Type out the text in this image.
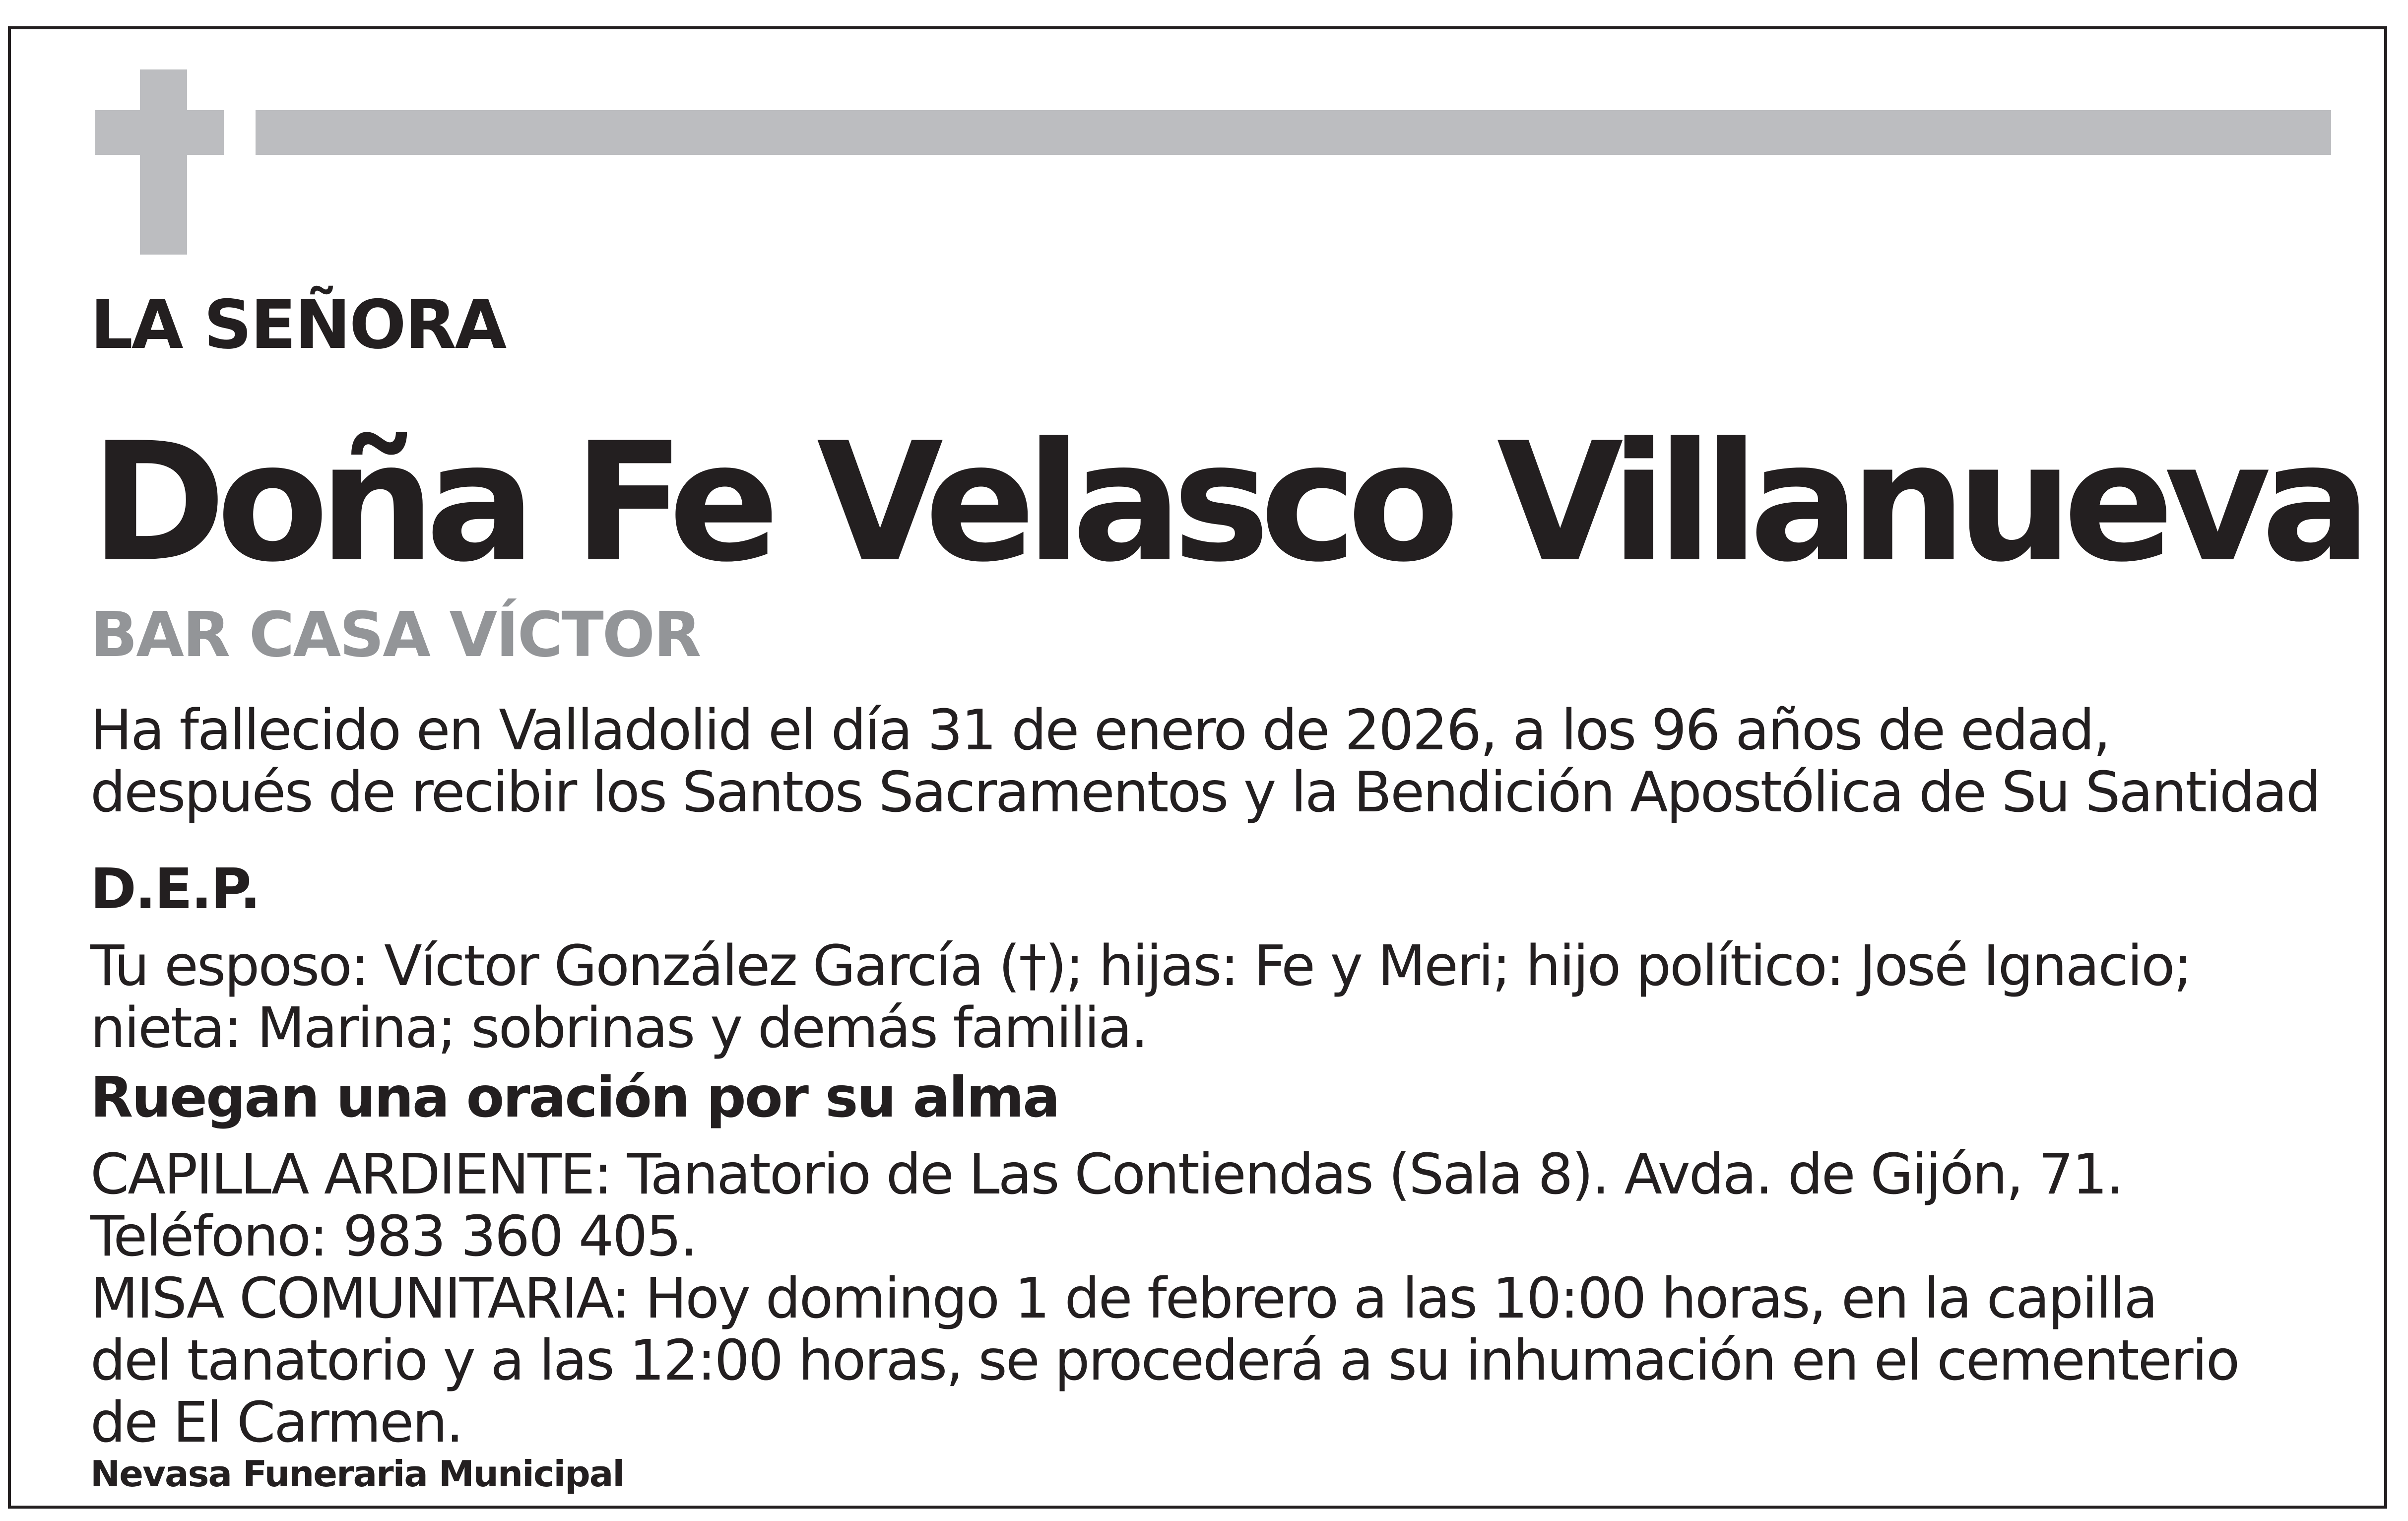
LA SEÑORA
Doña Fe Velasco Villanueva
BAR CASA VÍCTOR
Ha fallecido en Valladolid el día 31 de enero de 2026, a los 96 años de edad,
después de recibir los Santos Sacramentos y la Bendición Apostólica de Su Santidad
D.E.P.
Tu esposo: Víctor González García (†); hijas: Fe y Meri; hijo político: José Ignacio;
nieta: Marina; sobrinas y demás familia.
Ruegan una oración por su alma
CAPILLA ARDIENTE: Tanatorio de Las Contiendas (Sala 8). Avda. de Gijón, 71.
Teléfono: 983 360 405.
MISA COMUNITARIA: Hoy domingo 1 de febrero a las 10:00 horas, en la capilla
del tanatorio y a las 12:00 horas, se procederá a su inhumación en el cementerio
de El Carmen.
Nevasa Funeraria Municipal
